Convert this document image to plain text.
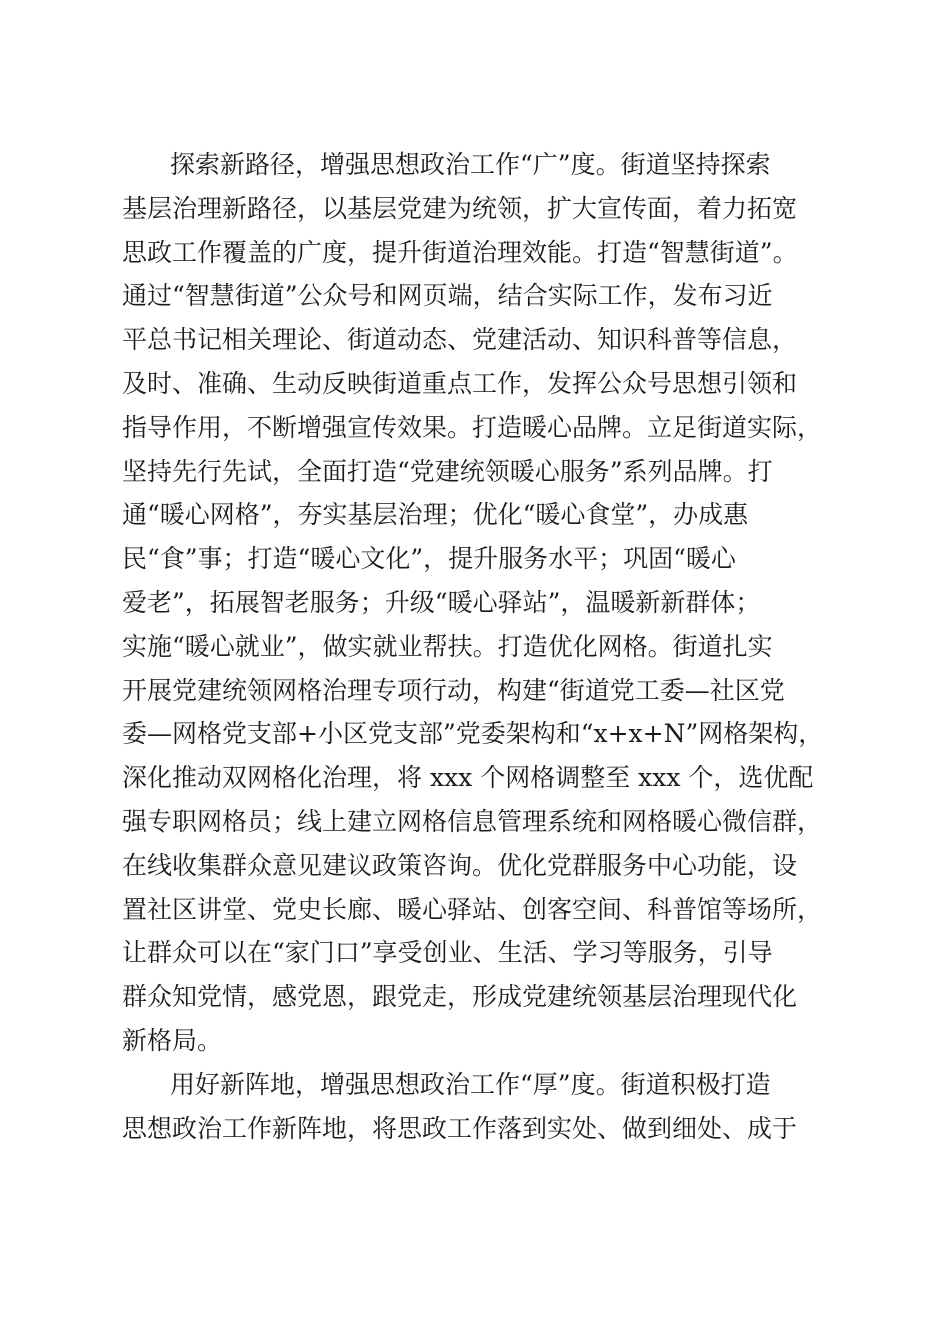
探索新路径，增强思想政治工作“广”度。街道坚持探索
基层治理新路径，以基层党建为统领，扩大宣传面，着力拓宽
思政工作覆盖的广度，提升街道治理效能。打造“智慧街道”。
通过“智慧街道”公众号和网页端，结合实际工作，发布习近
平总书记相关理论、街道动态、党建活动、知识科普等信息，
及时、准确、生动反映街道重点工作，发挥公众号思想引领和
指导作用，不断增强宣传效果。打造暖心品牌。立足街道实际，
坚持先行先试，全面打造“党建统领暖心服务”系列品牌。打
通“暖心网格”，夯实基层治理；优化“暖心食堂”，办成惠
民“食”事；打造“暖心文化”，提升服务水平；巩固“暖心
爱老”，拓展智老服务；升级“暖心驿站”，温暖新新群体；
实施“暖心就业”，做实就业帮扶。打造优化网格。街道扎实
开展党建统领网格治理专项行动，构建“街道党工委—社区党
委—网格党支部+小区党支部”党委架构和“x+x+N”网格架构，
深化推动双网格化治理，将 xxx 个网格调整至 xxx 个，选优配
强专职网格员；线上建立网格信息管理系统和网格暖心微信群，
在线收集群众意见建议政策咨询。优化党群服务中心功能，设
置社区讲堂、党史长廊、暖心驿站、创客空间、科普馆等场所，
让群众可以在“家门口”享受创业、生活、学习等服务，引导
群众知党情，感党恩，跟党走，形成党建统领基层治理现代化
新格局。
用好新阵地，增强思想政治工作“厚”度。街道积极打造
思想政治工作新阵地，将思政工作落到实处、做到细处、成于
